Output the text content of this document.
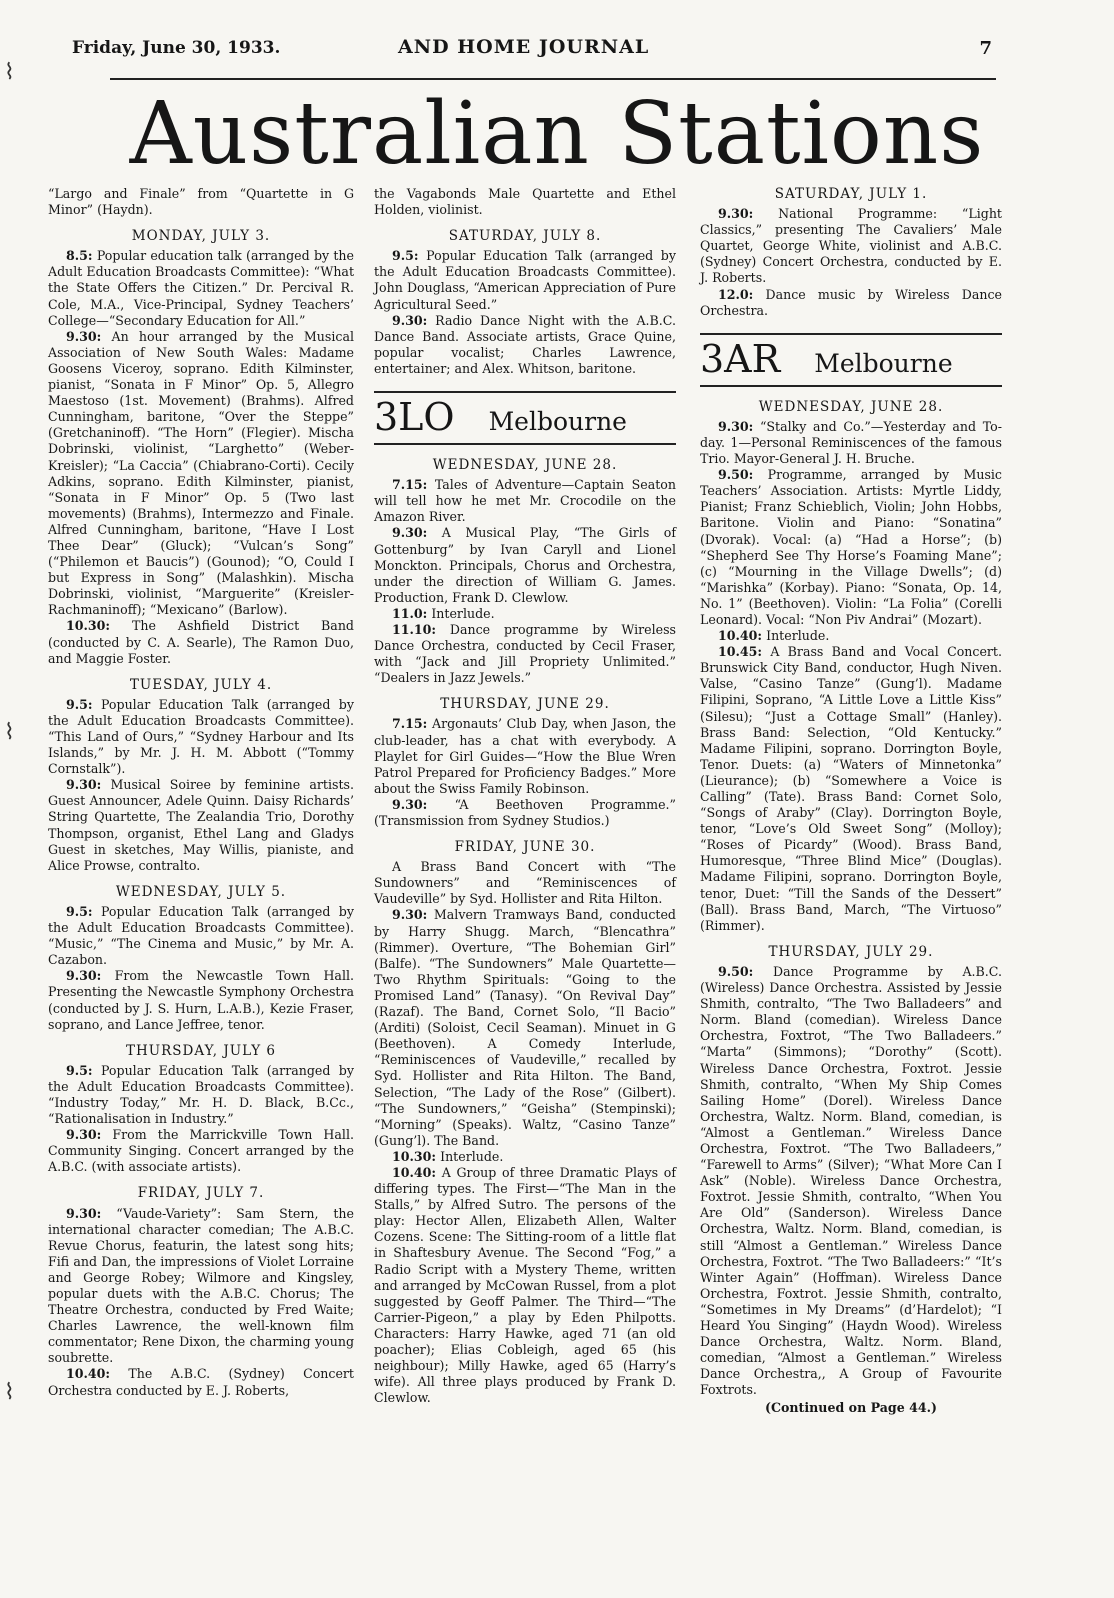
Friday, June 30, 1933.	AND HOME JOURNAL	7
Australian Stations

“Largo and Finale” from “Quartette in G Minor” (Haydn).

MONDAY, JULY 3.

8.5: Popular education talk (arranged by the Adult Education Broadcasts Committee): “What the State Offers the Citizen.” Dr. Percival R. Cole, M.A., Vice-Principal, Sydney Teachers’ College—“Secondary Education for All.”

9.30: An hour arranged by the Musical Association of New South Wales: Madame Goosens Viceroy, soprano. Edith Kilminster, pianist, “Sonata in F Minor” Op. 5, Allegro Maestoso (1st. Movement) (Brahms). Alfred Cunningham, baritone, “Over the Steppe” (Gretchaninoff). “The Horn” (Flegier). Mischa Dobrinski, violinist, “Larghetto” (Weber-Kreisler); “La Caccia” (Chiabrano-Corti). Cecily Adkins, soprano. Edith Kilminster, pianist, “Sonata in F Minor” Op. 5 (Two last movements) (Brahms), Intermezzo and Finale. Alfred Cunningham, baritone, “Have I Lost Thee Dear” (Gluck); “Vulcan’s Song” (“Philemon et Baucis”) (Gounod); “O, Could I but Express in Song” (Malashkin). Mischa Dobrinski, violinist, “Marguerite” (Kreisler-Rachmaninoff); “Mexicano” (Barlow).

10.30: The Ashfield District Band (conducted by C. A. Searle), The Ramon Duo, and Maggie Foster.

TUESDAY, JULY 4.

9.5: Popular Education Talk (arranged by the Adult Education Broadcasts Committee). “This Land of Ours,” “Sydney Harbour and Its Islands,” by Mr. J. H. M. Abbott (“Tommy Cornstalk”).

9.30: Musical Soiree by feminine artists. Guest Announcer, Adele Quinn. Daisy Richards’ String Quartette, The Zealandia Trio, Dorothy Thompson, organist, Ethel Lang and Gladys Guest in sketches, May Willis, pianiste, and Alice Prowse, contralto.

WEDNESDAY, JULY 5.

9.5: Popular Education Talk (arranged by the Adult Education Broadcasts Committee). “Music,” “The Cinema and Music,” by Mr. A. Cazabon.

9.30: From the Newcastle Town Hall. Presenting the Newcastle Symphony Orchestra (conducted by J. S. Hurn, L.A.B.), Kezie Fraser, soprano, and Lance Jeffree, tenor.

THURSDAY, JULY 6

9.5: Popular Education Talk (arranged by the Adult Education Broadcasts Committee). “Industry Today,” Mr. H. D. Black, B.Cc., “Rationalisation in Industry.”

9.30: From the Marrickville Town Hall. Community Singing. Concert arranged by the A.B.C. (with associate artists).

FRIDAY, JULY 7.

9.30: “Vaude-Variety”: Sam Stern, the international character comedian; The A.B.C. Revue Chorus, featurin, the latest song hits; Fifi and Dan, the impressions of Violet Lorraine and George Robey; Wilmore and Kingsley, popular duets with the A.B.C. Chorus; The Theatre Orchestra, conducted by Fred Waite; Charles Lawrence, the well-known film commentator; Rene Dixon, the charming young soubrette.

10.40: The A.B.C. (Sydney) Concert Orchestra conducted by E. J. Roberts,

the Vagabonds Male Quartette and Ethel Holden, violinist.

SATURDAY, JULY 8.

9.5: Popular Education Talk (arranged by the Adult Education Broadcasts Committee). John Douglass, “American Appreciation of Pure Agricultural Seed.”

9.30: Radio Dance Night with the A.B.C. Dance Band. Associate artists, Grace Quine, popular vocalist; Charles Lawrence, entertainer; and Alex. Whitson, baritone.

3LO Melbourne
WEDNESDAY, JUNE 28.

7.15: Tales of Adventure—Captain Seaton will tell how he met Mr. Crocodile on the Amazon River.

9.30: A Musical Play, “The Girls of Gottenburg” by Ivan Caryll and Lionel Monckton. Principals, Chorus and Orchestra, under the direction of William G. James. Production, Frank D. Clewlow.

11.0: Interlude.

11.10: Dance programme by Wireless Dance Orchestra, conducted by Cecil Fraser, with “Jack and Jill Propriety Unlimited.” “Dealers in Jazz Jewels.”

THURSDAY, JUNE 29.

7.15: Argonauts’ Club Day, when Jason, the club-leader, has a chat with everybody. A Playlet for Girl Guides—“How the Blue Wren Patrol Prepared for Proficiency Badges.” More about the Swiss Family Robinson.

9.30: “A Beethoven Programme.” (Transmission from Sydney Studios.)

FRIDAY, JUNE 30.

A Brass Band Concert with “The Sundowners” and “Reminiscences of Vaudeville” by Syd. Hollister and Rita Hilton.

9.30: Malvern Tramways Band, conducted by Harry Shugg. March, “Blencathra” (Rimmer). Overture, “The Bohemian Girl” (Balfe). “The Sundowners” Male Quartette—Two Rhythm Spirituals: “Going to the Promised Land” (Tanasy). “On Revival Day” (Razaf). The Band, Cornet Solo, “Il Bacio” (Arditi) (Soloist, Cecil Seaman). Minuet in G (Beethoven). A Comedy Interlude, “Reminiscences of Vaudeville,” recalled by Syd. Hollister and Rita Hilton. The Band, Selection, “The Lady of the Rose” (Gilbert). “The Sundowners,” “Geisha” (Stempinski); “Morning” (Speaks). Waltz, “Casino Tanze” (Gung’l). The Band.

10.30: Interlude.

10.40: A Group of three Dramatic Plays of differing types. The First—“The Man in the Stalls,” by Alfred Sutro. The persons of the play: Hector Allen, Elizabeth Allen, Walter Cozens. Scene: The Sitting-room of a little flat in Shaftesbury Avenue. The Second “Fog,” a Radio Script with a Mystery Theme, written and arranged by McCowan Russel, from a plot suggested by Geoff Palmer. The Third—“The Carrier-Pigeon,” a play by Eden Philpotts. Characters: Harry Hawke, aged 71 (an old poacher); Elias Cobleigh, aged 65 (his neighbour); Milly Hawke, aged 65 (Harry’s wife). All three plays produced by Frank D. Clewlow.

SATURDAY, JULY 1.

9.30: National Programme: “Light Classics,” presenting The Cavaliers’ Male Quartet, George White, violinist and A.B.C. (Sydney) Concert Orchestra, conducted by E. J. Roberts.

12.0: Dance music by Wireless Dance Orchestra.

3AR Melbourne
WEDNESDAY, JUNE 28.

9.30: “Stalky and Co.”—Yesterday and To-day. 1—Personal Reminiscences of the famous Trio. Mayor-General J. H. Bruche.

9.50: Programme, arranged by Music Teachers’ Association. Artists: Myrtle Liddy, Pianist; Franz Schieblich, Violin; John Hobbs, Baritone. Violin and Piano: “Sonatina” (Dvorak). Vocal: (a) “Had a Horse”; (b) “Shepherd See Thy Horse’s Foaming Mane”; (c) “Mourning in the Village Dwells”; (d) “Marishka” (Korbay). Piano: “Sonata, Op. 14, No. 1” (Beethoven). Violin: “La Folia” (Corelli Leonard). Vocal: “Non Piv Andrai” (Mozart).

10.40: Interlude.

10.45: A Brass Band and Vocal Concert. Brunswick City Band, conductor, Hugh Niven. Valse, “Casino Tanze” (Gung’l). Madame Filipini, Soprano, “A Little Love a Little Kiss” (Silesu); “Just a Cottage Small” (Hanley). Brass Band: Selection, “Old Kentucky.” Madame Filipini, soprano. Dorrington Boyle, Tenor. Duets: (a) “Waters of Minnetonka” (Lieurance); (b) “Somewhere a Voice is Calling” (Tate). Brass Band: Cornet Solo, “Songs of Araby” (Clay). Dorrington Boyle, tenor, “Love’s Old Sweet Song” (Molloy); “Roses of Picardy” (Wood). Brass Band, Humoresque, “Three Blind Mice” (Douglas). Madame Filipini, soprano. Dorrington Boyle, tenor, Duet: “Till the Sands of the Dessert” (Ball). Brass Band, March, “The Virtuoso” (Rimmer).

THURSDAY, JULY 29.

9.50: Dance Programme by A.B.C. (Wireless) Dance Orchestra. Assisted by Jessie Shmith, contralto, “The Two Balladeers” and Norm. Bland (comedian). Wireless Dance Orchestra, Foxtrot, “The Two Balladeers.” “Marta” (Simmons); “Dorothy” (Scott). Wireless Dance Orchestra, Foxtrot. Jessie Shmith, contralto, “When My Ship Comes Sailing Home” (Dorel). Wireless Dance Orchestra, Waltz. Norm. Bland, comedian, is “Almost a Gentleman.” Wireless Dance Orchestra, Foxtrot. “The Two Balladeers,” “Farewell to Arms” (Silver); “What More Can I Ask” (Noble). Wireless Dance Orchestra, Foxtrot. Jessie Shmith, contralto, “When You Are Old” (Sanderson). Wireless Dance Orchestra, Waltz. Norm. Bland, comedian, is still “Almost a Gentleman.” Wireless Dance Orchestra, Foxtrot. “The Two Balladeers:” “It’s Winter Again” (Hoffman). Wireless Dance Orchestra, Foxtrot. Jessie Shmith, contralto, “Sometimes in My Dreams” (d’Hardelot); “I Heard You Singing” (Haydn Wood). Wireless Dance Orchestra, Waltz. Norm. Bland, comedian, “Almost a Gentleman.” Wireless Dance Orchestra,, A Group of Favourite Foxtrots.

(Continued on Page 44.)
⌇
⌇
⌇
